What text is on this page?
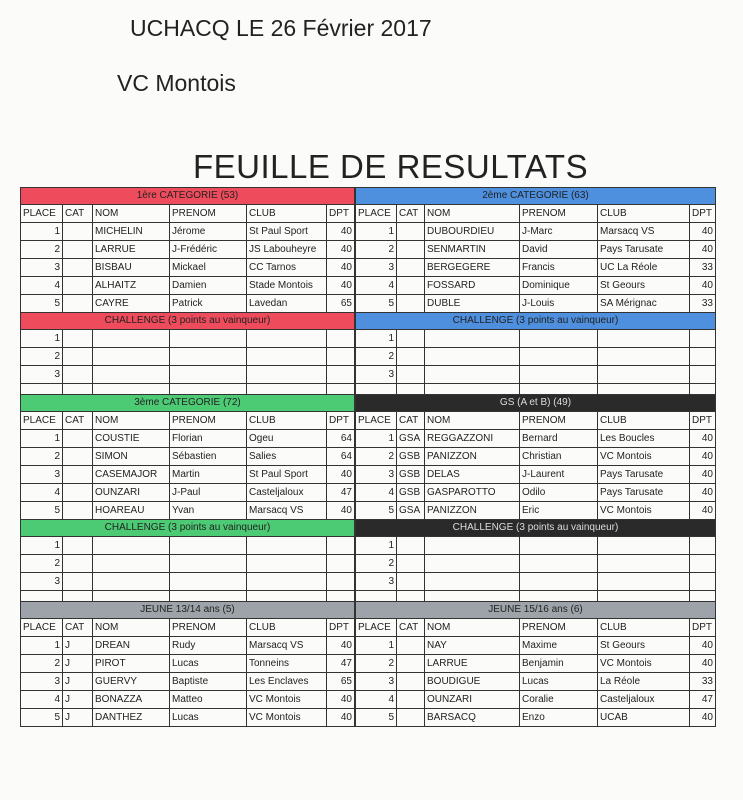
UCHACQ LE 26 Février 2017
VC Montois
FEUILLE DE RESULTATS
1ère CATEGORIE (53)					
PLACE	CAT	NOM	PRENOM	CLUB	DPT
1		MICHELIN	Jérome	St Paul Sport	40
2		LARRUE	J-Frédéric	JS Labouheyre	40
3		BISBAU	Mickael	CC Tarnos	40
4		ALHAITZ	Damien	Stade Montois	40
5		CAYRE	Patrick	Lavedan	65
CHALLENGE (3 points au vainqueur)					
1					
2					
3					

3ème CATEGORIE (72)					
PLACE	CAT	NOM	PRENOM	CLUB	DPT
1		COUSTIE	Florian	Ogeu	64
2		SIMON	Sébastien	Salies	64
3		CASEMAJOR	Martin	St Paul Sport	40
4		OUNZARI	J-Paul	Casteljaloux	47
5		HOAREAU	Yvan	Marsacq VS	40
CHALLENGE (3 points au vainqueur)					
1					
2					
3					

JEUNE 13/14 ans (5)					
PLACE	CAT	NOM	PRENOM	CLUB	DPT
1	J	DREAN	Rudy	Marsacq VS	40
2	J	PIROT	Lucas	Tonneins	47
3	J	GUERVY	Baptiste	Les Enclaves	65
4	J	BONAZZA	Matteo	VC Montois	40
5	J	DANTHEZ	Lucas	VC Montois	40
2ème CATEGORIE (63)					
PLACE	CAT	NOM	PRENOM	CLUB	DPT
1		DUBOURDIEU	J-Marc	Marsacq VS	40
2		SENMARTIN	David	Pays Tarusate	40
3		BERGEGERE	Francis	UC La Réole	33
4		FOSSARD	Dominique	St Geours	40
5		DUBLE	J-Louis	SA Mérignac	33
CHALLENGE (3 points au vainqueur)					
1					
2					
3					

GS (A et B) (49)					
PLACE	CAT	NOM	PRENOM	CLUB	DPT
1	GSA	REGGAZZONI	Bernard	Les Boucles	40
2	GSB	PANIZZON	Christian	VC Montois	40
3	GSB	DELAS	J-Laurent	Pays Tarusate	40
4	GSB	GASPAROTTO	Odilo	Pays Tarusate	40
5	GSA	PANIZZON	Eric	VC Montois	40
CHALLENGE (3 points au vainqueur)					
1					
2					
3					

JEUNE 15/16 ans (6)					
PLACE	CAT	NOM	PRENOM	CLUB	DPT
1		NAY	Maxime	St Geours	40
2		LARRUE	Benjamin	VC Montois	40
3		BOUDIGUE	Lucas	La Réole	33
4		OUNZARI	Coralie	Casteljaloux	47
5		BARSACQ	Enzo	UCAB	40
